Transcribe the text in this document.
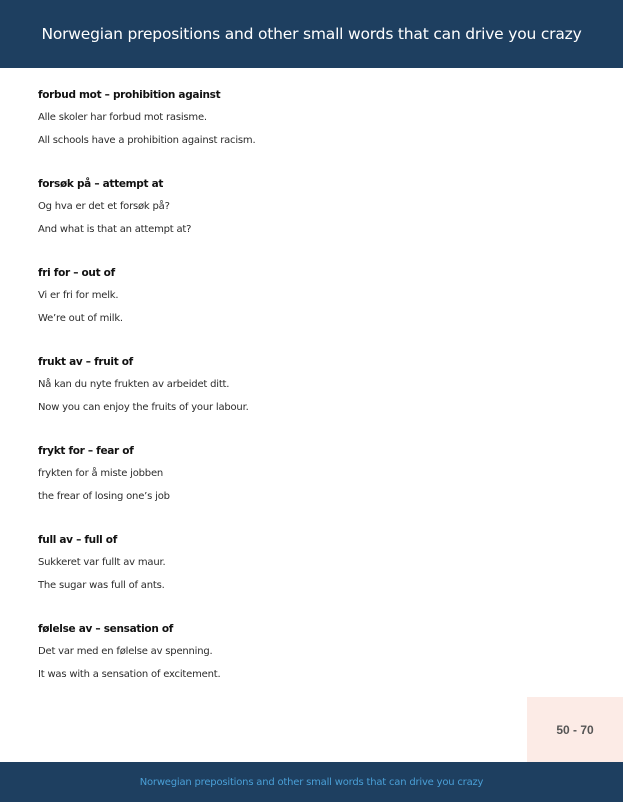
Norwegian prepositions and other small words that can drive you crazy
forbud mot – prohibition against
Alle skoler har forbud mot rasisme.
All schools have a prohibition against racism.
forsøk på – attempt at
Og hva er det et forsøk på?
And what is that an attempt at?
fri for – out of
Vi er fri for melk.
We’re out of milk.
frukt av – fruit of
Nå kan du nyte frukten av arbeidet ditt.
Now you can enjoy the fruits of your labour.
frykt for – fear of
frykten for å miste jobben
the frear of losing one’s job
full av – full of
Sukkeret var fullt av maur.
The sugar was full of ants.
følelse av – sensation of
Det var med en følelse av spenning.
It was with a sensation of excitement.
50 - 70
Norwegian prepositions and other small words that can drive you crazy
